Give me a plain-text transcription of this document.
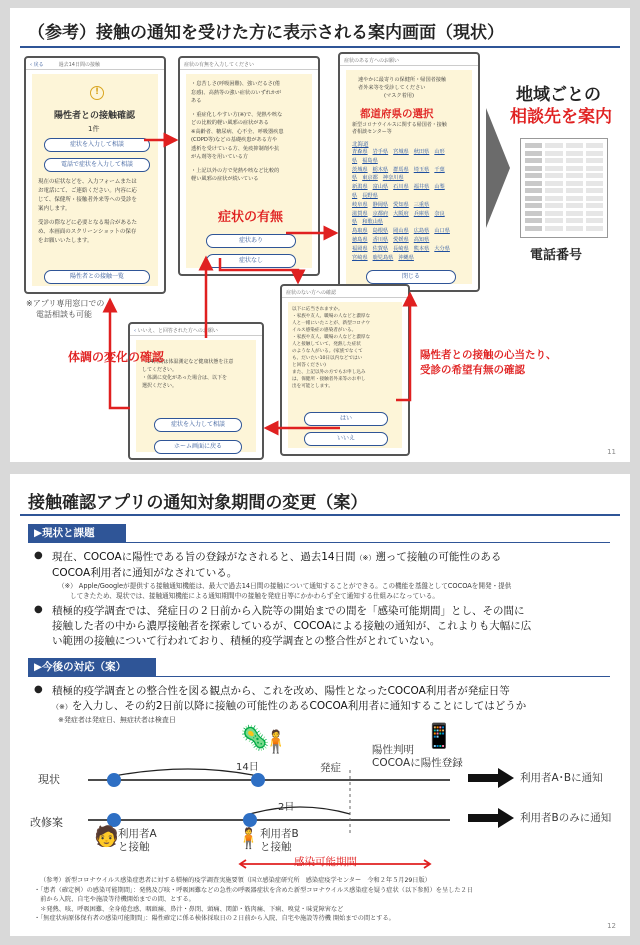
（参考）接触の通知を受けた方に表示される案内画面（現状）
‹ 戻る　　　過去14日間の接触
!
陽性者との接触確認
1件
症状を入力して相談
電話で症状を入力して相談
現在の症状などを、入力フォームまたは
お電話にて、ご連絡ください。内容に応
じて、保健所・接触者外来等への受診を
案内します。
受診の際などに必要となる場合があるた
め、本画面のスクリーンショットの保存
をお願いいたします。
陽性者との接触一覧
※アプリ専用窓口での
電話相談も可能
症状の有無を入力してください
・息苦しさ(呼吸困難)、強いだるさ(倦
怠感)、高熱等の強い症状のいずれかが
ある
・重症化しやすい方(※)で、発熱や咳な
どの比較的軽い風邪の症状がある
※高齢者、糖尿病、心不全、呼吸器疾患
(COPD等)などの基礎疾患がある方や
透析を受けている方、免疫抑制剤や抗
がん剤等を用いている方
・上記以外の方で発熱や咳など比較的
軽い風邪の症状が続いている
症状あり
症状なし
症状の有無
症状のある方へのお願い
速やかに最寄りの保健所・帰国者接触
者外来等を受診してください
(マスク着用)
都道府県の選択
新型コロナウイルスに関する帰国者・接触
者相談センター等
北海道
青森県 岩手県 宮城県 秋田県 山形
県 福島県
茨城県 栃木県 群馬県 埼玉県 千葉
県 東京都 神奈川県
新潟県 富山県 石川県 福井県 山梨
県 長野県
岐阜県 静岡県 愛知県 三重県
滋賀県 京都府 大阪府 兵庫県 奈良
県 和歌山県
鳥取県 島根県 岡山県 広島県 山口県
徳島県 香川県 愛媛県 高知県
福岡県 佐賀県 長崎県 熊本県 大分県
宮崎県 鹿児島県 沖縄県
閉じる
地域ごとの
相談先を案内
電話番号
症状のない方への確認
以下に応当されますか。
・家族や友人、職場の人などと濃厚な
人と一緒にいたことが、新型コロナウ
イルス感染症の感染者がいる。
・家族や友人、職場の人などと濃厚な
人と接触していて、発熱した症状
のような人がいる。(家族でなくて
も、だいたい10日以内などではい
と回答ください)
また、上記以外の方でもお申し込み
は、保健所・接触者外来等のお申し
出を可能とします。
はい
いいえ
‹ いいえ、と回答された方へのお願い
・14日間は体温測定など健康状態を注意
してください。
・体調に変化があった場合は、以下を
選択ください。
症状を入力して相談
ホーム画面に戻る
体調の変化の確認	陽性者との接触の心当たり、
受診の希望有無の確認
11
接触確認アプリの通知対象期間の変更（案）
▶現状と課題
● 現在、COCOAに陽性である旨の登録がなされると、過去14日間（※）遡って接触の可能性のある
COCOA利用者に通知がなされている。
（※） Apple/Googleが提供する接触通知機能は、最大で過去14日間の接触について通知することができる。この機能を基盤としてCOCOAを開発・提供
してきたため、現状では、接触通知機能による通知期間中の接触を発症日等にかかわらず全て通知する仕組みになっている。
● 積極的疫学調査では、発症日の２日前から入院等の開始までの間を「感染可能期間」とし、その間に
接触した者の中から濃厚接触者を探索しているが、COCOAによる接触の通知が、これよりも大幅に広
い範囲の接触について行われており、積極的疫学調査との整合性がとれていない。
▶今後の対応（案）
● 積極的疫学調査との整合性を図る観点から、これを改め、陽性となったCOCOA利用者が発症日等
（※）を入力し、その約2日前以降に接触の可能性のあるCOCOA利用者に通知することにしてはどうか
※発症者は発症日、無症状者は検査日
🦠
🧍	📱
陽性判明
COCOAに陽性登録
発症
現状
改修案
14日
2日
🧑 利用者A
と接触	🧍 利用者B
と接触
感染可能期間
利用者A･Bに通知
利用者Bのみに通知
（参考）新型コロナウイルス感染症患者に対する積極的疫学調査実施要領（国立感染症研究所　感染症疫学センター　令和２年５月29日版）
・「患者（確定例）の感染可能期間」：発熱及び咳・呼吸困難などの急性の呼吸器症状を含めた新型コロナウイルス感染症を疑う症状（以下参照）を呈した２日
　前から入院、自宅や施設等待機開始までの間、とする。
　＊発熱、咳、呼吸困難、全身倦怠感、咽頭痛、鼻汁・鼻閉、頭痛、関節・筋肉痛、下痢、嗅覚・味覚障害など
・「無症状病原体保有者の感染可能期間」：陽性確定に係る検体採取日の２日前から入院、自宅や施設等待機 開始までの間とする。
12
